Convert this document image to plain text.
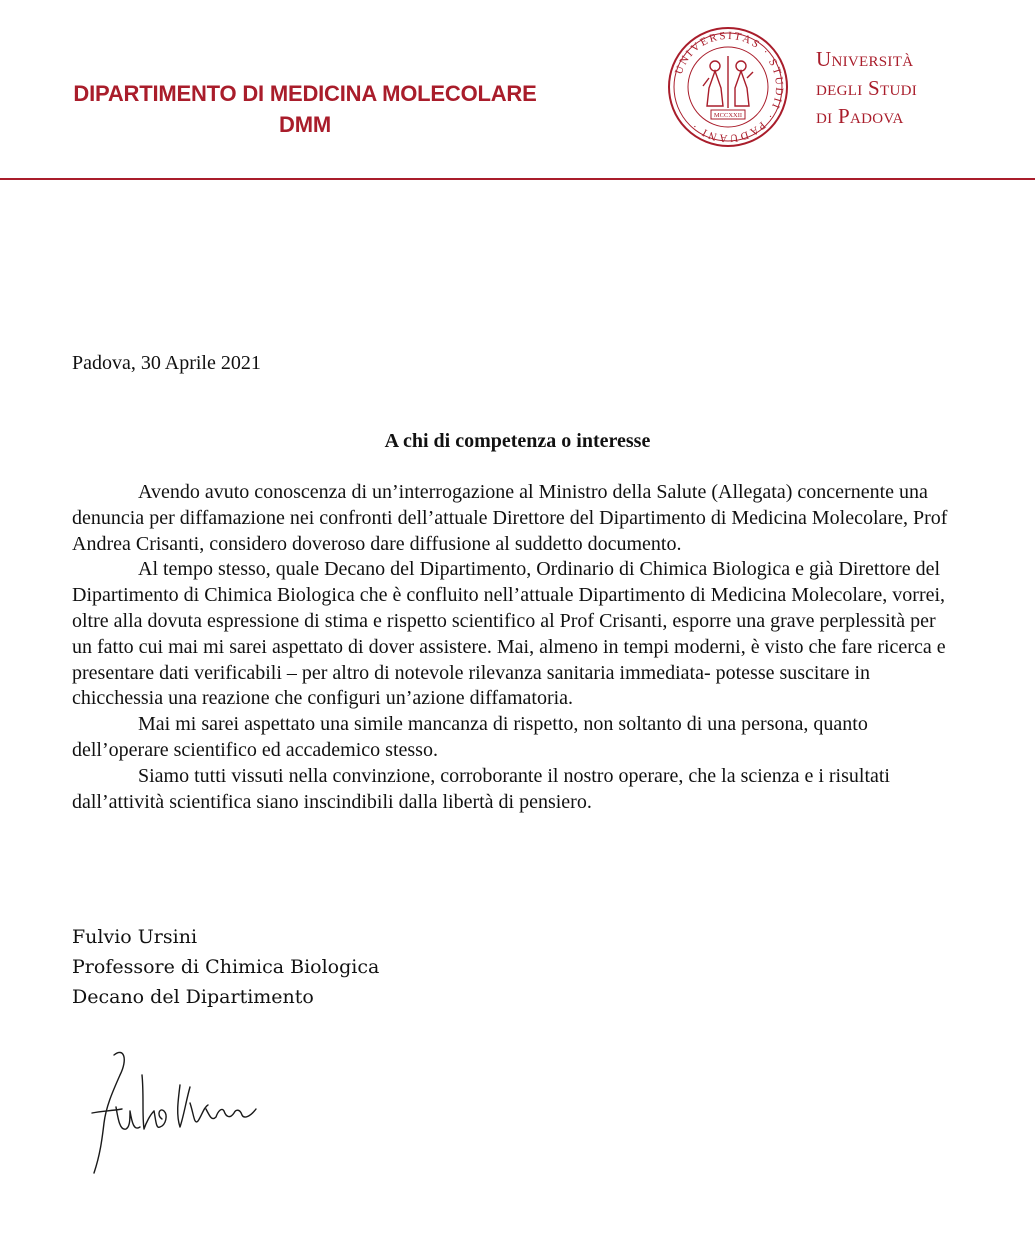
DIPARTIMENTO DI MEDICINA MOLECOLARE
DMM
UNIVERSITAS · STUDII · PADUANI ·
MCCXXII
Università
degli Studi
di Padova
Padova, 30 Aprile 2021
A chi di competenza o interesse

Avendo avuto conoscenza di un’interrogazione al Ministro della Salute (Allegata) concernente una denuncia per diffamazione nei confronti dell’attuale Direttore del Dipartimento di Medicina Molecolare, Prof Andrea Crisanti, considero doveroso dare diffusione al suddetto documento.

Al tempo stesso, quale Decano del Dipartimento, Ordinario di Chimica Biologica e già Direttore del Dipartimento di Chimica Biologica che è confluito nell’attuale Dipartimento di Medicina Molecolare, vorrei, oltre alla dovuta espressione di stima e rispetto scientifico al Prof Crisanti, esporre una grave perplessità per un fatto cui mai mi sarei aspettato di dover assistere. Mai, almeno in tempi moderni, è visto che fare ricerca e presentare dati verificabili – per altro di notevole rilevanza sanitaria immediata- potesse suscitare in chicchessia una reazione che configuri un’azione diffamatoria.

Mai mi sarei aspettato una simile mancanza di rispetto, non soltanto di una persona, quanto dell’operare scientifico ed accademico stesso.

Siamo tutti vissuti nella convinzione, corroborante il nostro operare, che la scienza e i risultati dall’attività scientifica siano inscindibili dalla libertà di pensiero.

Fulvio Ursini
Professore di Chimica Biologica
Decano del Dipartimento
